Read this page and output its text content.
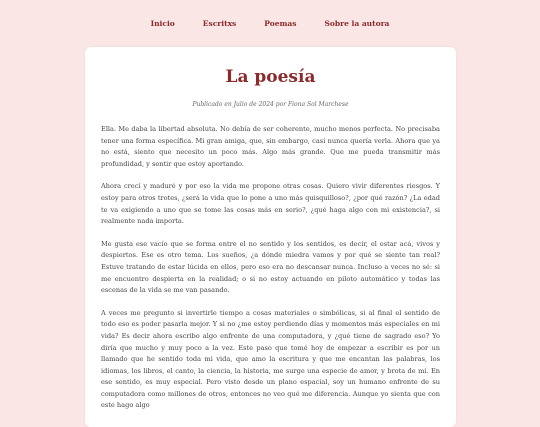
Inicio	Escritxs	Poemas	Sobre la autora
La poesía
Publicado en Julio de 2024 por Fiona Sol Marchese

Ella. Me daba la libertad absoluta. No debía de ser coherente, mucho menos perfecta. No precisaba tener una forma específica. Mi gran amiga, que, sin embargo, casi nunca quería verla. Ahora que ya no está, siento que necesito un poco más. Algo más grande. Que me pueda transmitir más profundidad, y sentir que estoy aportando.

Ahora crecí y maduré y por eso la vida me propone otras cosas. Quiero vivir diferentes riesgos. Y estoy para otros trotes, ¿será la vida que lo pone a uno más quisquilloso?, ¿por qué razón? ¿La edad te va exigiendo a uno que se tome las cosas más en serio?, ¿qué haga algo con mi existencia?, si realmente nada importa.

Me gusta ese vacío que se forma entre el no sentido y los sentidos, es decir, el estar acá, vivos y despiertos. Ese es otro tema. Los sueños, ¿a dónde miedra vamos y por qué se siente tan real? Estuve tratando de estar lúcida en ellos, pero eso era no descansar nunca. Incluso a veces no sé: si me encuentro despierta en la realidad; o si no estoy actuando en piloto automático y todas las escenas de la vida se me van pasando.

A veces me pregunto si invertirle tiempo a cosas materiales o simbólicas, si al final el sentido de todo eso es poder pasarla mejor. Y si no ¿me estoy perdiendo días y momentos más especiales en mi vida? Es decir ahora escribo algo enfrente de una computadora, y ¿qué tiene de sagrado eso? Yo diría que mucho y muy poco a la vez. Este paso que tomé hoy de empezar a escribir es por un llamado que he sentido toda mi vida, que amo la escritura y que me encantan las palabras, los idiomas, los libros, el canto, la ciencia, la historia, me surge una especie de amor, y brota de mí. En ese sentido, es muy especial. Pero visto desde un plano espacial, soy un humano enfrente de su computadora como millones de otros, entonces no veo qué me diferencia. Aunque yo sienta que con este hago algo
